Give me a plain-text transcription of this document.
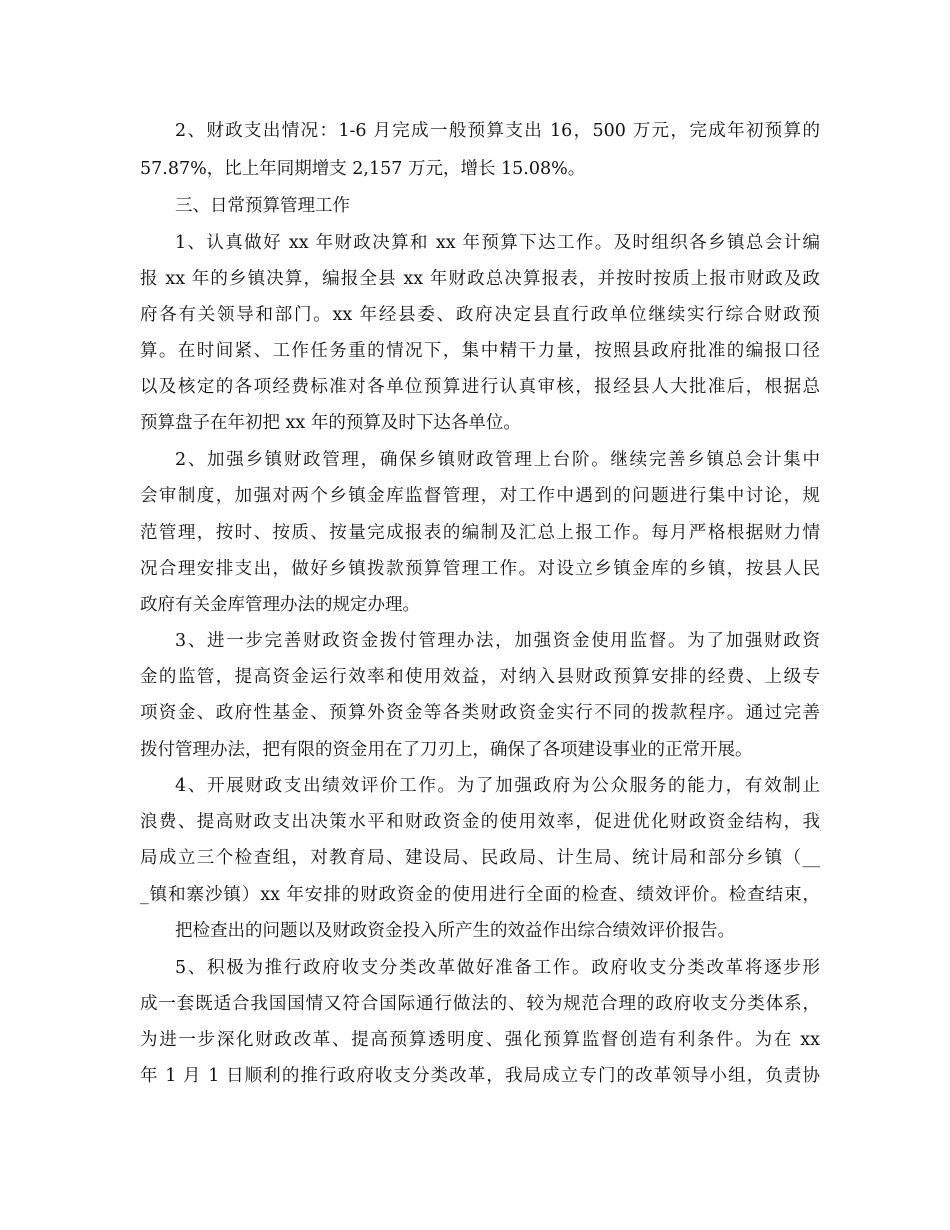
2、财政支出情况：1-6 月完成一般预算支出 16，500 万元，完成年初预算的

57.87%，比上年同期增支 2,157 万元，增长 15.08%。

三、日常预算管理工作

1、认真做好 xx 年财政决算和 xx 年预算下达工作。及时组织各乡镇总会计编

报 xx 年的乡镇决算，编报全县 xx 年财政总决算报表，并按时按质上报市财政及政

府各有关领导和部门。xx 年经县委、政府决定县直行政单位继续实行综合财政预

算。在时间紧、工作任务重的情况下，集中精干力量，按照县政府批准的编报口径

以及核定的各项经费标准对各单位预算进行认真审核，报经县人大批准后，根据总

预算盘子在年初把 xx 年的预算及时下达各单位。

2、加强乡镇财政管理，确保乡镇财政管理上台阶。继续完善乡镇总会计集中

会审制度，加强对两个乡镇金库监督管理，对工作中遇到的问题进行集中讨论，规

范管理，按时、按质、按量完成报表的编制及汇总上报工作。每月严格根据财力情

况合理安排支出，做好乡镇拨款预算管理工作。对设立乡镇金库的乡镇，按县人民

政府有关金库管理办法的规定办理。

3、进一步完善财政资金拨付管理办法，加强资金使用监督。为了加强财政资

金的监管，提高资金运行效率和使用效益，对纳入县财政预算安排的经费、上级专

项资金、政府性基金、预算外资金等各类财政资金实行不同的拨款程序。通过完善

拨付管理办法，把有限的资金用在了刀刃上，确保了各项建设事业的正常开展。

4、开展财政支出绩效评价工作。为了加强政府为公众服务的能力，有效制止

浪费、提高财政支出决策水平和财政资金的使用效率，促进优化财政资金结构，我

局成立三个检查组，对教育局、建设局、民政局、计生局、统计局和部分乡镇（__

_镇和寨沙镇）xx 年安排的财政资金的使用进行全面的检查、绩效评价。检查结束，

把检查出的问题以及财政资金投入所产生的效益作出综合绩效评价报告。

5、积极为推行政府收支分类改革做好准备工作。政府收支分类改革将逐步形

成一套既适合我国国情又符合国际通行做法的、较为规范合理的政府收支分类体系，

为进一步深化财政改革、提高预算透明度、强化预算监督创造有利条件。为在 xx

年 1 月 1 日顺利的推行政府收支分类改革，我局成立专门的改革领导小组，负责协
